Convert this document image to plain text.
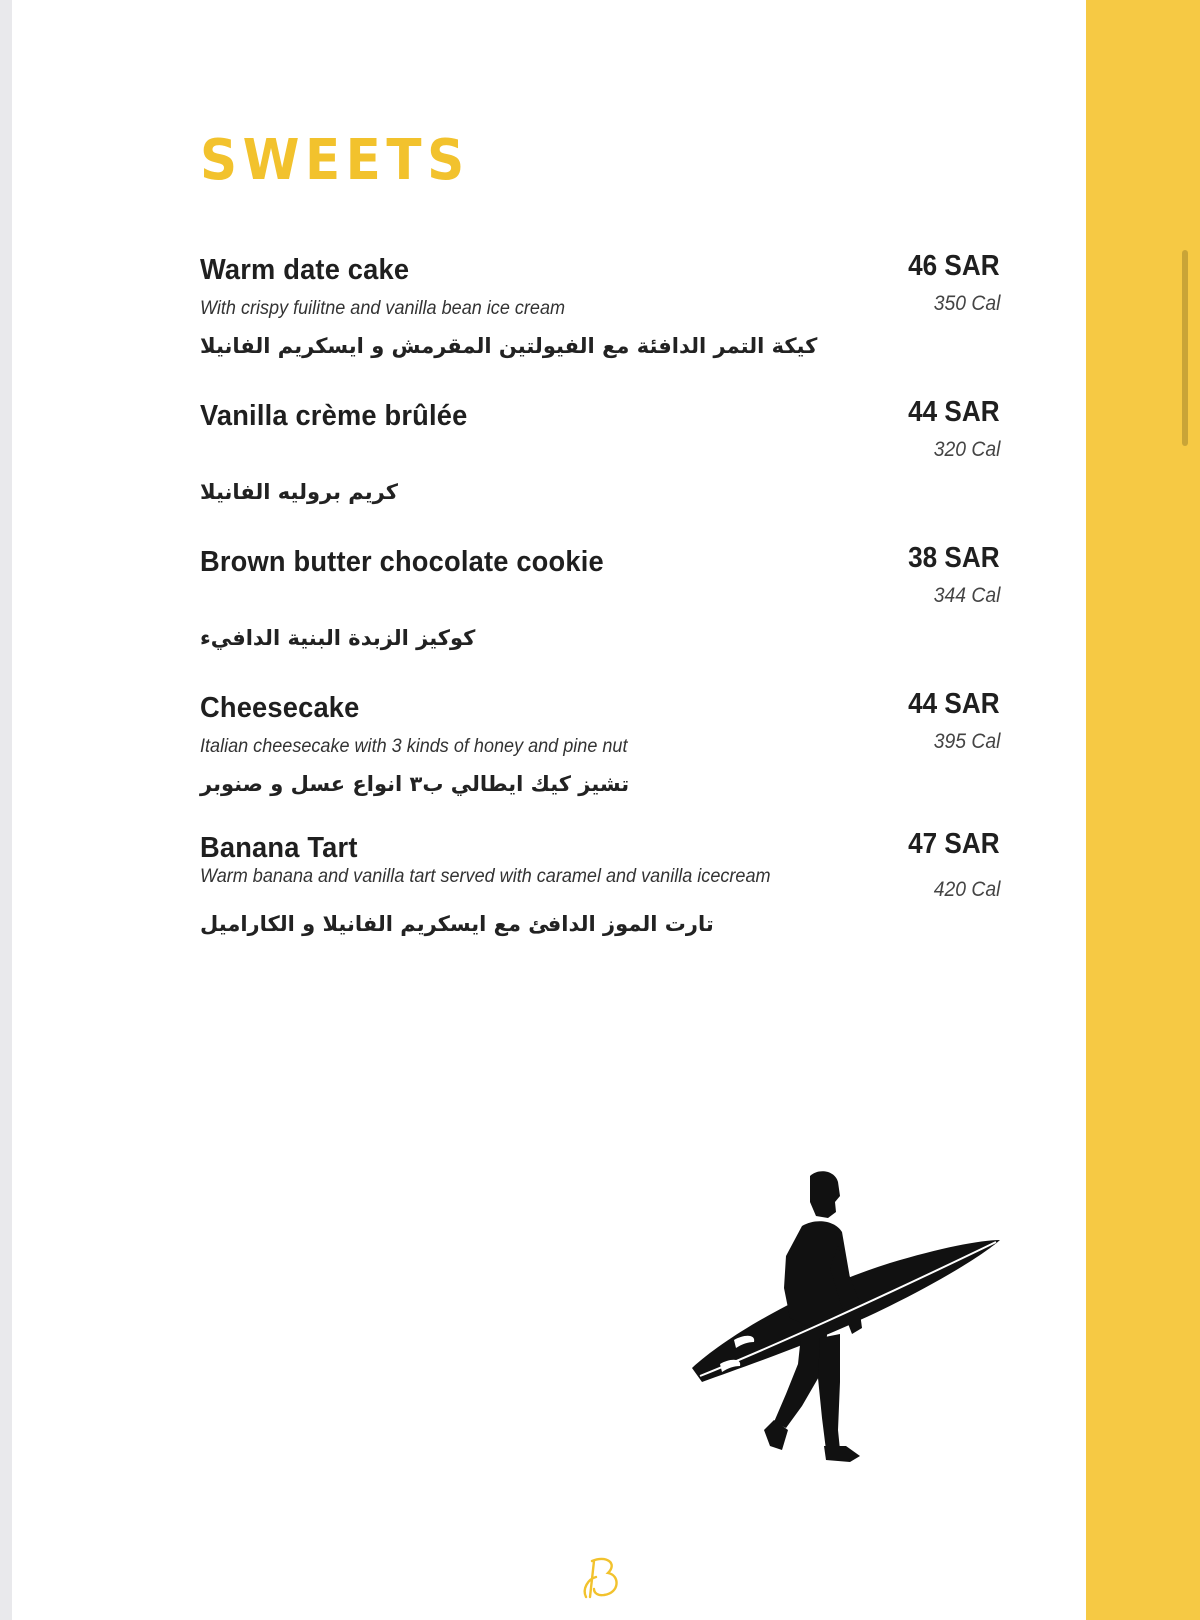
SWEETS
Warm date cake
With crispy fuilitne and vanilla bean ice cream
كيكة التمر الدافئة مع الفيولتين المقرمش و ايسكريم الفانيلا
46 SAR
350 Cal
Vanilla crème brûlée
كريم بروليه الفانيلا
44 SAR
320 Cal
Brown butter chocolate cookie
كوكيز الزبدة البنية الدافيء
38 SAR
344 Cal
Cheesecake
Italian cheesecake with 3 kinds of honey and pine nut
تشيز كيك ايطالي ب٣ انواع عسل و صنوبر
44 SAR
395 Cal
Banana Tart
Warm banana and vanilla tart served with caramel and vanilla icecream
تارت الموز الدافئ مع ايسكريم الفانيلا و الكاراميل
47 SAR
420 Cal
